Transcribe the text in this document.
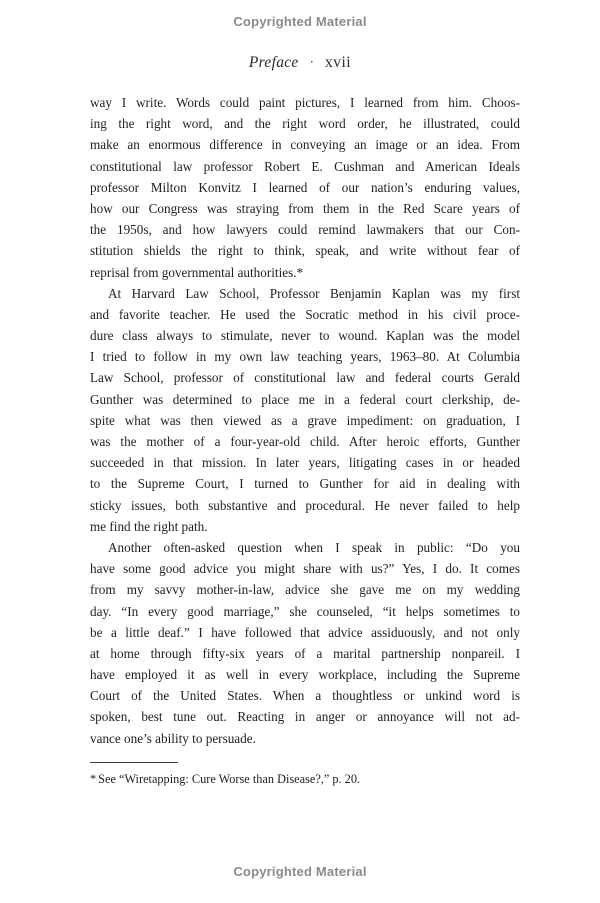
Copyrighted Material
Preface · xvii
way I write. Words could paint pictures, I learned from him. Choos-
ing the right word, and the right word order, he illustrated, could
make an enormous difference in conveying an image or an idea. From
constitutional law professor Robert E. Cushman and American Ideals
professor Milton Konvitz I learned of our nation’s enduring values,
how our Congress was straying from them in the Red Scare years of
the 1950s, and how lawyers could remind lawmakers that our Con-
stitution shields the right to think, speak, and write without fear of
reprisal from governmental authorities.*
At Harvard Law School, Professor Benjamin Kaplan was my first
and favorite teacher. He used the Socratic method in his civil proce-
dure class always to stimulate, never to wound. Kaplan was the model
I tried to follow in my own law teaching years, 1963–80. At Columbia
Law School, professor of constitutional law and federal courts Gerald
Gunther was determined to place me in a federal court clerkship, de-
spite what was then viewed as a grave impediment: on graduation, I
was the mother of a four-year-old child. After heroic efforts, Gunther
succeeded in that mission. In later years, litigating cases in or headed
to the Supreme Court, I turned to Gunther for aid in dealing with
sticky issues, both substantive and procedural. He never failed to help
me find the right path.
Another often-asked question when I speak in public: “Do you
have some good advice you might share with us?” Yes, I do. It comes
from my savvy mother-in-law, advice she gave me on my wedding
day. “In every good marriage,” she counseled, “it helps sometimes to
be a little deaf.” I have followed that advice assiduously, and not only
at home through fifty-six years of a marital partnership nonpareil. I
have employed it as well in every workplace, including the Supreme
Court of the United States. When a thoughtless or unkind word is
spoken, best tune out. Reacting in anger or annoyance will not ad-
vance one’s ability to persuade.
* See “Wiretapping: Cure Worse than Disease?,” p. 20.
Copyrighted Material
